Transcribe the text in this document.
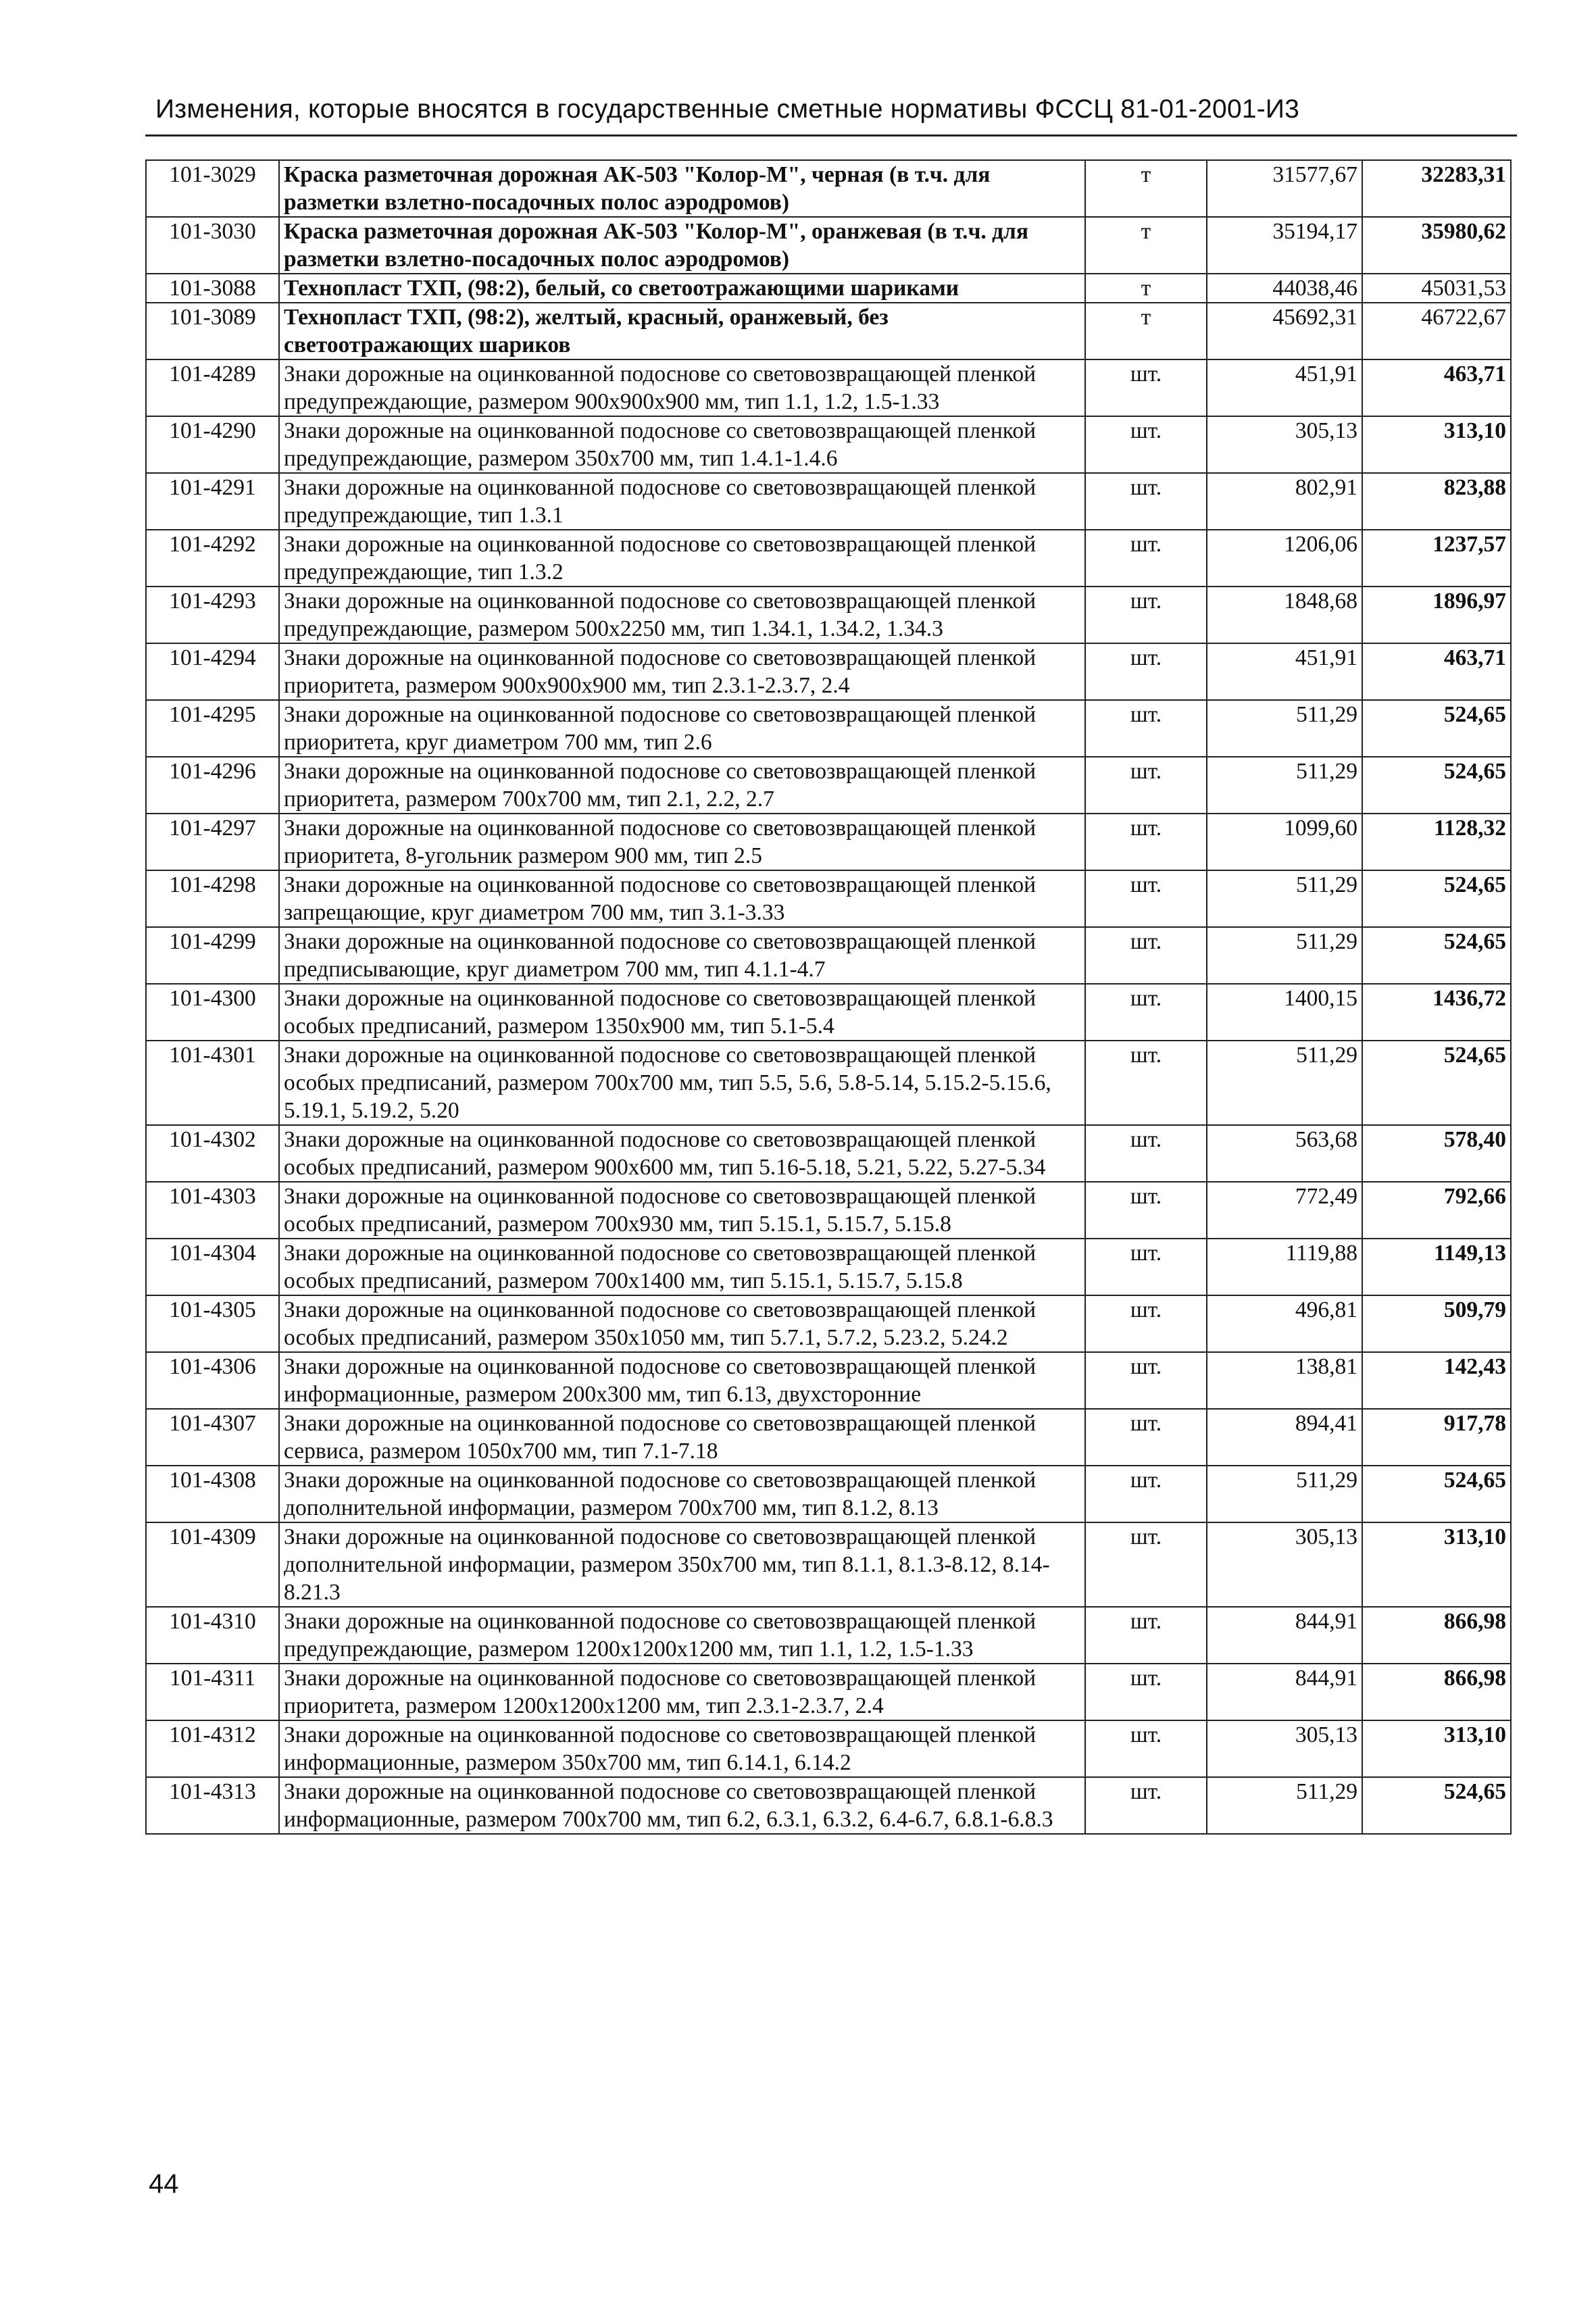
Изменения, которые вносятся в государственные сметные нормативы ФССЦ 81-01-2001-И3
101-3029	Краска разметочная дорожная АК-503 "Колор-М", черная (в т.ч. для разметки взлетно-посадочных полос аэродромов)	т	31577,67	32283,31
101-3030	Краска разметочная дорожная АК-503 "Колор-М", оранжевая (в т.ч. для разметки взлетно-посадочных полос аэродромов)	т	35194,17	35980,62
101-3088	Технопласт ТХП, (98:2), белый, со светоотражающими шариками	т	44038,46	45031,53
101-3089	Технопласт ТХП, (98:2), желтый, красный, оранжевый, без светоотражающих шариков	т	45692,31	46722,67
101-4289	Знаки дорожные на оцинкованной подоснове со световозвращающей пленкой предупреждающие, размером 900х900х900 мм, тип 1.1, 1.2, 1.5-1.33	шт.	451,91	463,71
101-4290	Знаки дорожные на оцинкованной подоснове со световозвращающей пленкой предупреждающие, размером 350х700 мм, тип 1.4.1-1.4.6	шт.	305,13	313,10
101-4291	Знаки дорожные на оцинкованной подоснове со световозвращающей пленкой предупреждающие, тип 1.3.1	шт.	802,91	823,88
101-4292	Знаки дорожные на оцинкованной подоснове со световозвращающей пленкой предупреждающие, тип 1.3.2	шт.	1206,06	1237,57
101-4293	Знаки дорожные на оцинкованной подоснове со световозвращающей пленкой предупреждающие, размером 500х2250 мм, тип 1.34.1, 1.34.2, 1.34.3	шт.	1848,68	1896,97
101-4294	Знаки дорожные на оцинкованной подоснове со световозвращающей пленкой приоритета, размером 900х900х900 мм, тип 2.3.1-2.3.7, 2.4	шт.	451,91	463,71
101-4295	Знаки дорожные на оцинкованной подоснове со световозвращающей пленкой приоритета, круг диаметром 700 мм, тип 2.6	шт.	511,29	524,65
101-4296	Знаки дорожные на оцинкованной подоснове со световозвращающей пленкой приоритета, размером 700х700 мм, тип 2.1, 2.2, 2.7	шт.	511,29	524,65
101-4297	Знаки дорожные на оцинкованной подоснове со световозвращающей пленкой приоритета, 8-угольник размером 900 мм, тип 2.5	шт.	1099,60	1128,32
101-4298	Знаки дорожные на оцинкованной подоснове со световозвращающей пленкой запрещающие, круг диаметром 700 мм, тип 3.1-3.33	шт.	511,29	524,65
101-4299	Знаки дорожные на оцинкованной подоснове со световозвращающей пленкой предписывающие, круг диаметром 700 мм, тип 4.1.1-4.7	шт.	511,29	524,65
101-4300	Знаки дорожные на оцинкованной подоснове со световозвращающей пленкой особых предписаний, размером 1350х900 мм, тип 5.1-5.4	шт.	1400,15	1436,72
101-4301	Знаки дорожные на оцинкованной подоснове со световозвращающей пленкой особых предписаний, размером 700х700 мм, тип 5.5, 5.6, 5.8-5.14, 5.15.2-5.15.6, 5.19.1, 5.19.2, 5.20	шт.	511,29	524,65
101-4302	Знаки дорожные на оцинкованной подоснове со световозвращающей пленкой особых предписаний, размером 900х600 мм, тип 5.16-5.18, 5.21, 5.22, 5.27-5.34	шт.	563,68	578,40
101-4303	Знаки дорожные на оцинкованной подоснове со световозвращающей пленкой особых предписаний, размером 700х930 мм, тип 5.15.1, 5.15.7, 5.15.8	шт.	772,49	792,66
101-4304	Знаки дорожные на оцинкованной подоснове со световозвращающей пленкой особых предписаний, размером 700х1400 мм, тип 5.15.1, 5.15.7, 5.15.8	шт.	1119,88	1149,13
101-4305	Знаки дорожные на оцинкованной подоснове со световозвращающей пленкой особых предписаний, размером 350х1050 мм, тип 5.7.1, 5.7.2, 5.23.2, 5.24.2	шт.	496,81	509,79
101-4306	Знаки дорожные на оцинкованной подоснове со световозвращающей пленкой информационные, размером 200х300 мм, тип 6.13, двухсторонние	шт.	138,81	142,43
101-4307	Знаки дорожные на оцинкованной подоснове со световозвращающей пленкой сервиса, размером 1050х700 мм, тип 7.1-7.18	шт.	894,41	917,78
101-4308	Знаки дорожные на оцинкованной подоснове со световозвращающей пленкой дополнительной информации, размером 700х700 мм, тип 8.1.2, 8.13	шт.	511,29	524,65
101-4309	Знаки дорожные на оцинкованной подоснове со световозвращающей пленкой дополнительной информации, размером 350х700 мм, тип 8.1.1, 8.1.3-8.12, 8.14-8.21.3	шт.	305,13	313,10
101-4310	Знаки дорожные на оцинкованной подоснове со световозвращающей пленкой предупреждающие, размером 1200х1200х1200 мм, тип 1.1, 1.2, 1.5-1.33	шт.	844,91	866,98
101-4311	Знаки дорожные на оцинкованной подоснове со световозвращающей пленкой приоритета, размером 1200х1200х1200 мм, тип 2.3.1-2.3.7, 2.4	шт.	844,91	866,98
101-4312	Знаки дорожные на оцинкованной подоснове со световозвращающей пленкой информационные, размером 350х700 мм, тип 6.14.1, 6.14.2	шт.	305,13	313,10
101-4313	Знаки дорожные на оцинкованной подоснове со световозвращающей пленкой информационные, размером 700х700 мм, тип 6.2, 6.3.1, 6.3.2, 6.4-6.7, 6.8.1-6.8.3	шт.	511,29	524,65
44
